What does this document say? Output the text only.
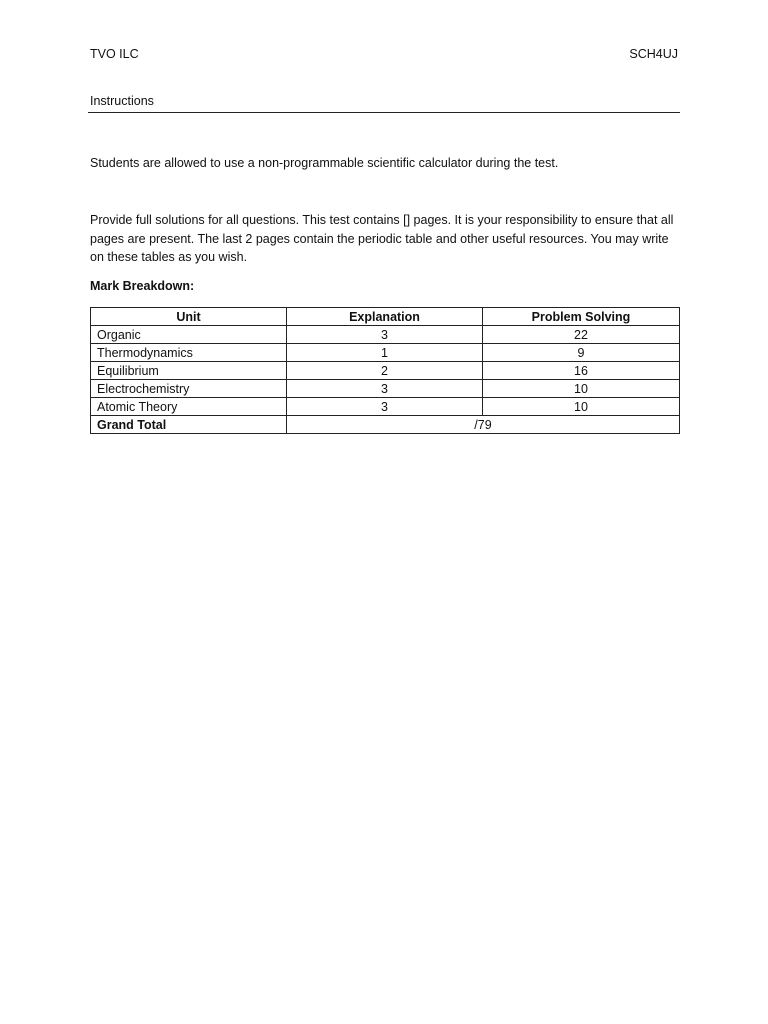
TVO ILC	SCH4UJ
Instructions
Students are allowed to use a non-programmable scientific calculator during the test.
Provide full solutions for all questions. This test contains [] pages. It is your responsibility to ensure that all pages are present. The last 2 pages contain the periodic table and other useful resources. You may write on these tables as you wish.
Mark Breakdown:
Unit	Explanation	Problem Solving
Organic	3	22
Thermodynamics	1	9
Equilibrium	2	16
Electrochemistry	3	10
Atomic Theory	3	10
Grand Total	/79	
